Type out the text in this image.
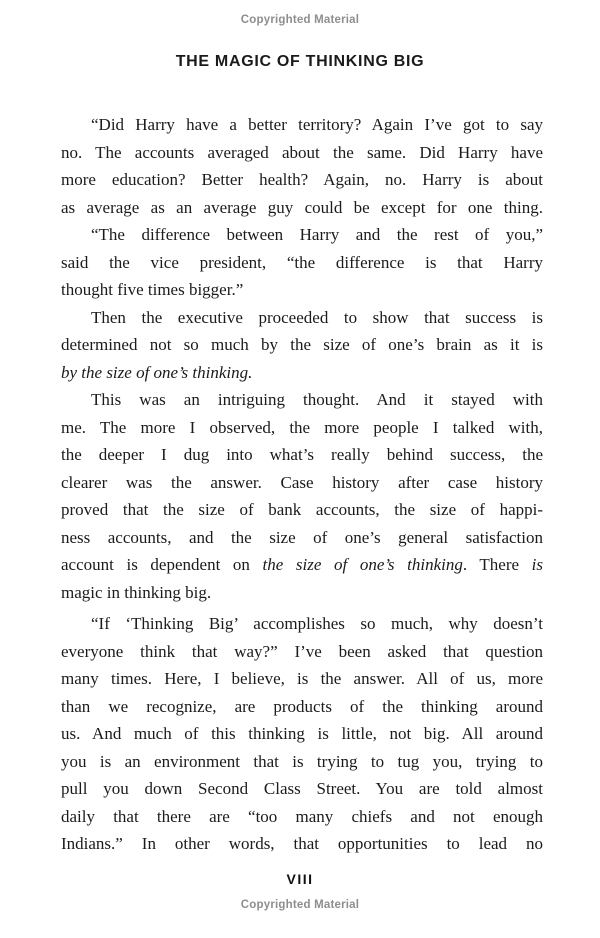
Copyrighted Material
THE MAGIC OF THINKING BIG
“Did Harry have a better territory? Again I’ve got to say
no. The accounts averaged about the same. Did Harry have
more education? Better health? Again, no. Harry is about
as average as an average guy could be except for one thing.
“The difference between Harry and the rest of you,”
said the vice president, “the difference is that Harry
thought five times bigger.”
Then the executive proceeded to show that success is
determined not so much by the size of one’s brain as it is
by the size of one’s thinking.
This was an intriguing thought. And it stayed with
me. The more I observed, the more people I talked with,
the deeper I dug into what’s really behind success, the
clearer was the answer. Case history after case history
proved that the size of bank accounts, the size of happi-
ness accounts, and the size of one’s general satisfaction
account is dependent on the size of one’s thinking. There is
magic in thinking big.
“If ‘Thinking Big’ accomplishes so much, why doesn’t
everyone think that way?” I’ve been asked that question
many times. Here, I believe, is the answer. All of us, more
than we recognize, are products of the thinking around
us. And much of this thinking is little, not big. All around
you is an environment that is trying to tug you, trying to
pull you down Second Class Street. You are told almost
daily that there are “too many chiefs and not enough
Indians.” In other words, that opportunities to lead no
VIII
Copyrighted Material
